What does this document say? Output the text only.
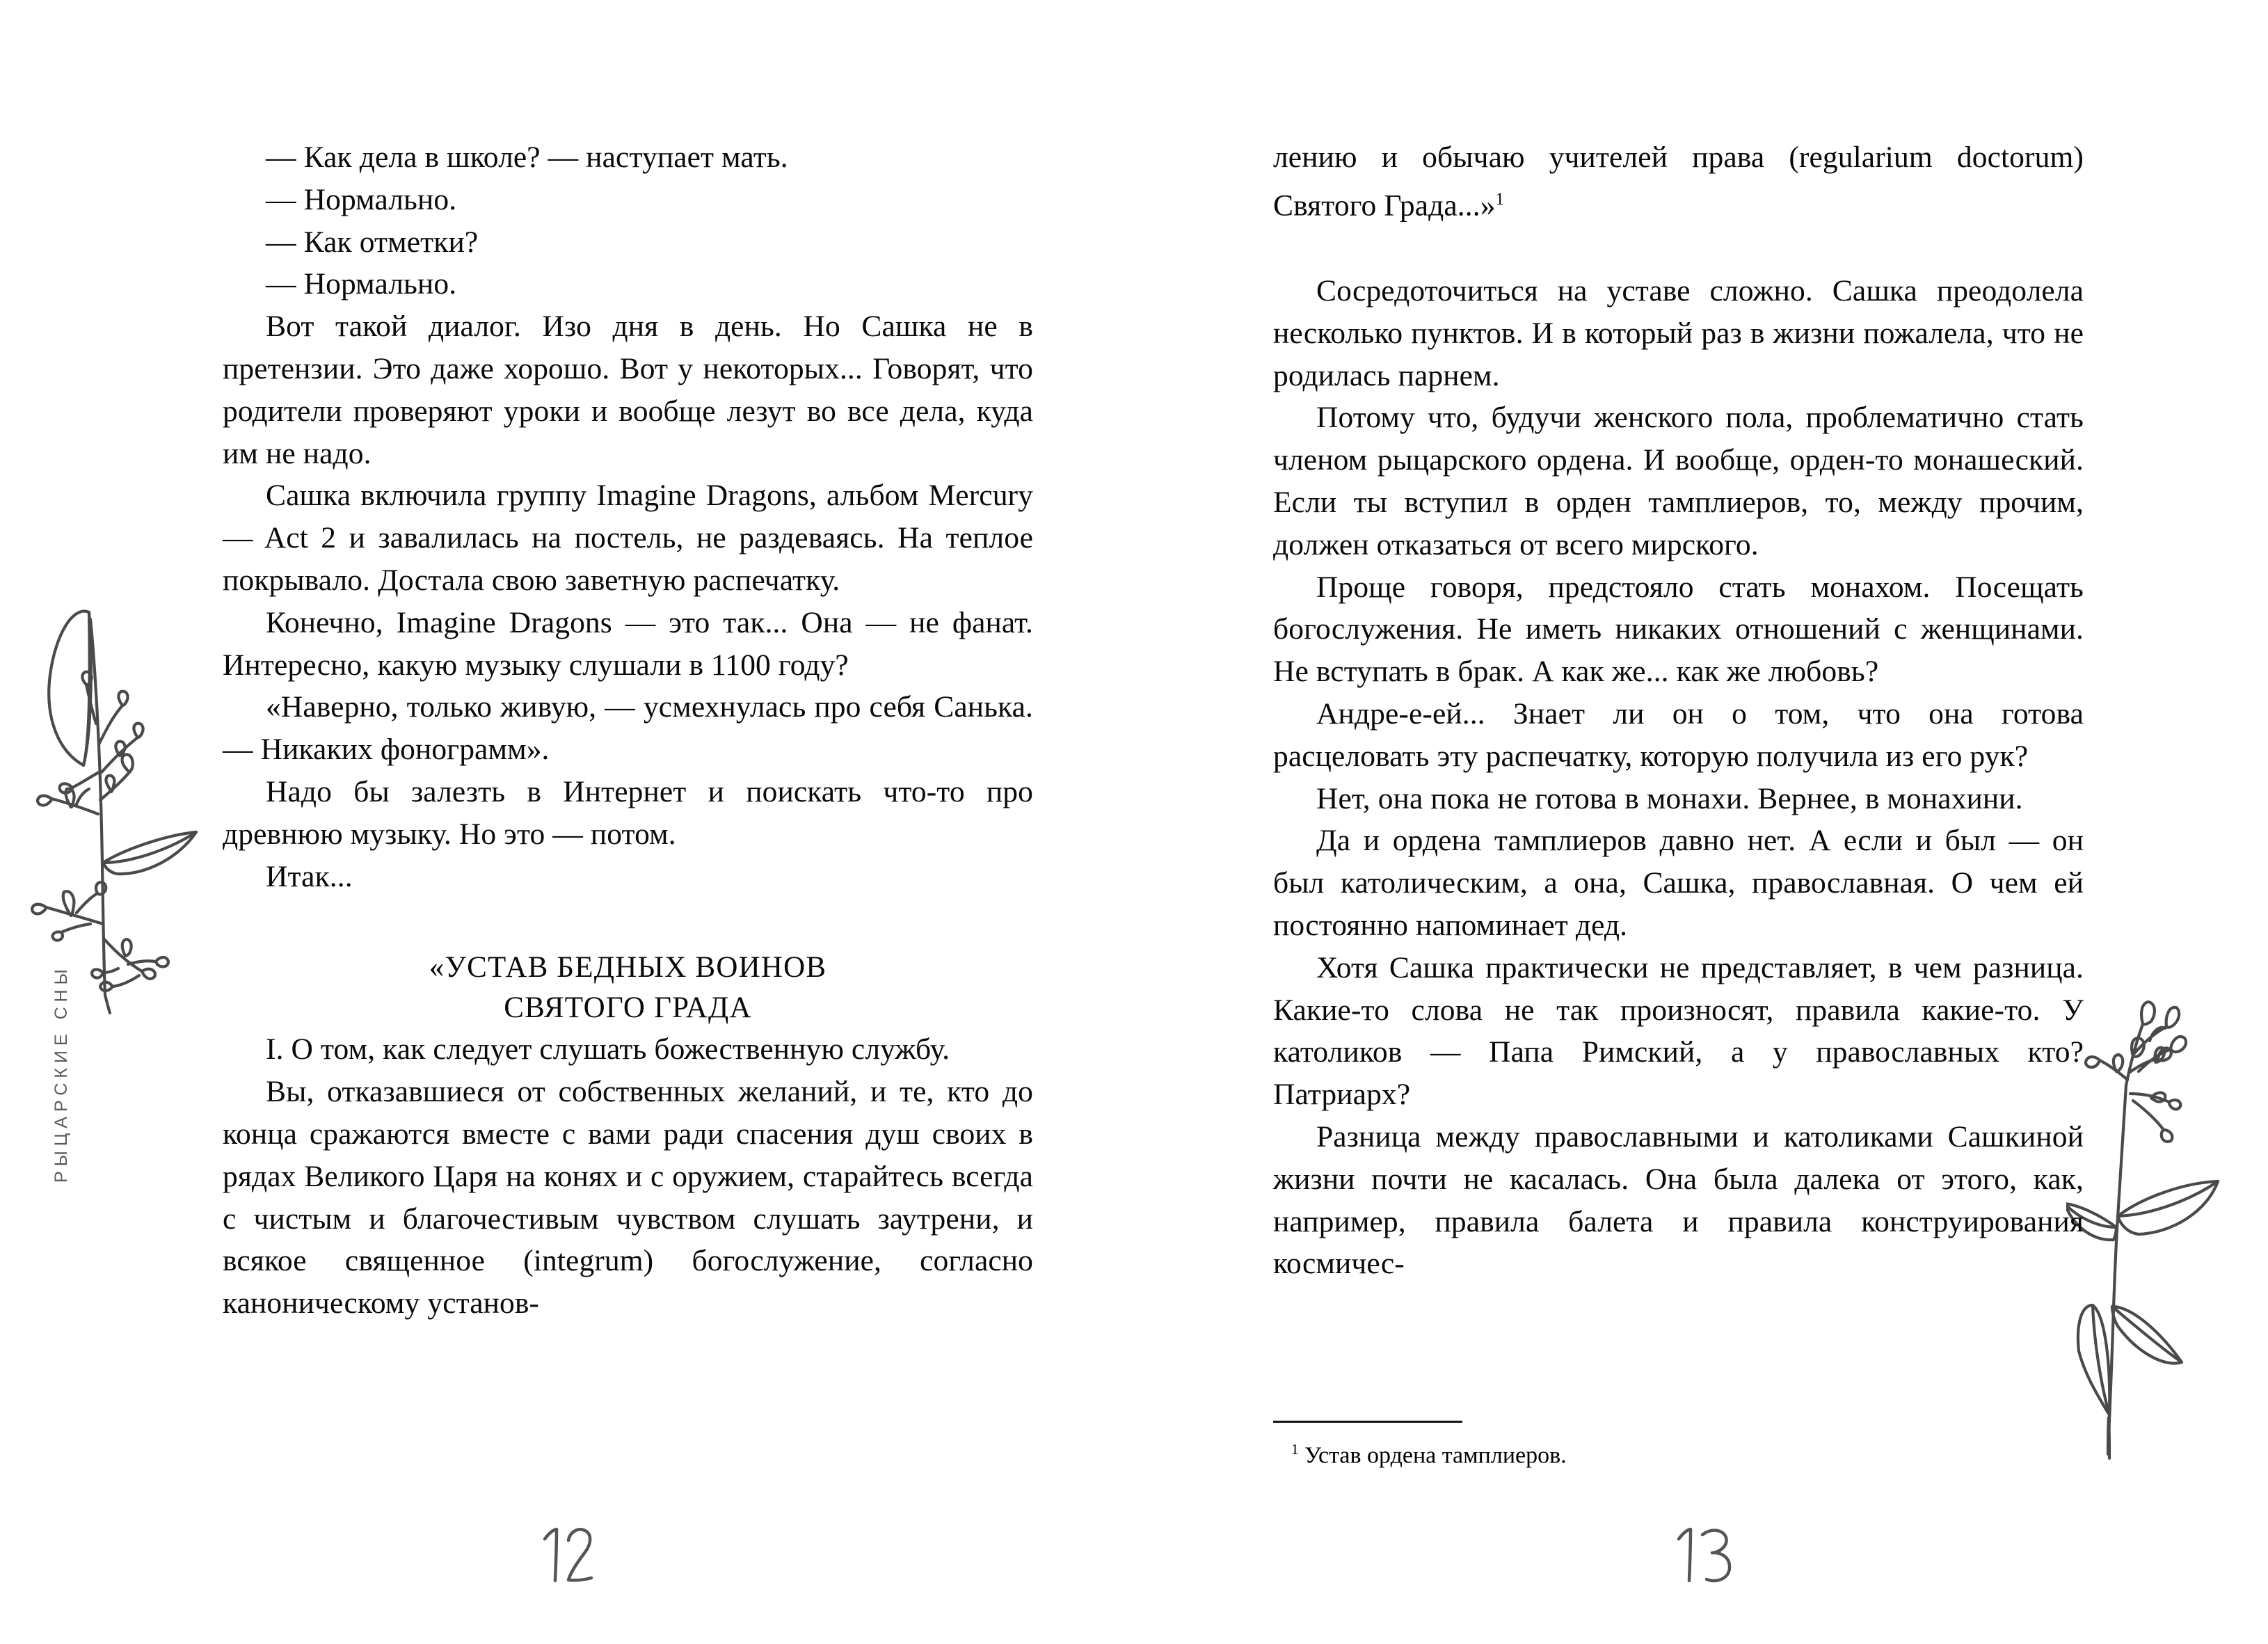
РЫЦАРСКИЕ СНЫ

— Как дела в школе? — наступает мать.

— Нормально.

— Как отметки?

— Нормально.

Вот такой диалог. Изо дня в день. Но Сашка не в претензии. Это даже хорошо. Вот у некоторых... Говорят, что родители проверяют уроки и вообще лезут во все дела, куда им не надо.

Сашка включила группу Imagine Dragons, альбом Mercury — Act 2 и завалилась на постель, не раздеваясь. На теплое покрывало. Достала свою заветную распечатку.

Конечно, Imagine Dragons — это так... Она — не фанат. Интересно, какую музыку слушали в 1100 году?

«Наверно, только живую, — усмехнулась про себя Санька. — Никаких фонограмм».

Надо бы залезть в Интернет и поискать что-то про древнюю музыку. Но это — потом.

Итак...

«УСТАВ БЕДНЫХ ВОИНОВ
СВЯТОГО ГРАДА

I. О том, как следует слушать божественную службу.

Вы, отказавшиеся от собственных желаний, и те, кто до конца сражаются вместе с вами ради спасения душ своих в рядах Великого Царя на конях и с оружием, старайтесь всегда с чистым и благочестивым чувством слушать заутрени, и всякое священное (integrum) богослужение, согласно каноническому установ-

лению и обычаю учителей права (regularium doctorum) Святого Града...»$^1$

Сосредоточиться на уставе сложно. Сашка преодолела несколько пунктов. И в который раз в жизни пожалела, что не родилась парнем.

Потому что, будучи женского пола, проблематично стать членом рыцарского ордена. И вообще, орден-то монашеский. Если ты вступил в орден тамплиеров, то, между прочим, должен отказаться от всего мирского.

Проще говоря, предстояло стать монахом. Посещать богослужения. Не иметь никаких отношений с женщинами. Не вступать в брак. А как же... как же любовь?

Андре-е-ей... Знает ли он о том, что она готова расцеловать эту распечатку, которую получила из его рук?

Нет, она пока не готова в монахи. Вернее, в монахини.

Да и ордена тамплиеров давно нет. А если и был — он был католическим, а она, Сашка, православная. О чем ей постоянно напоминает дед.

Хотя Сашка практически не представляет, в чем разница. Какие-то слова не так произносят, правила какие-то. У католиков — Папа Римский, а у православных кто? Патриарх?

Разница между православными и католиками Сашкиной жизни почти не касалась. Она была далека от этого, как, например, правила балета и правила конструирования космичес-

$^1$ Устав ордена тамплиеров.
